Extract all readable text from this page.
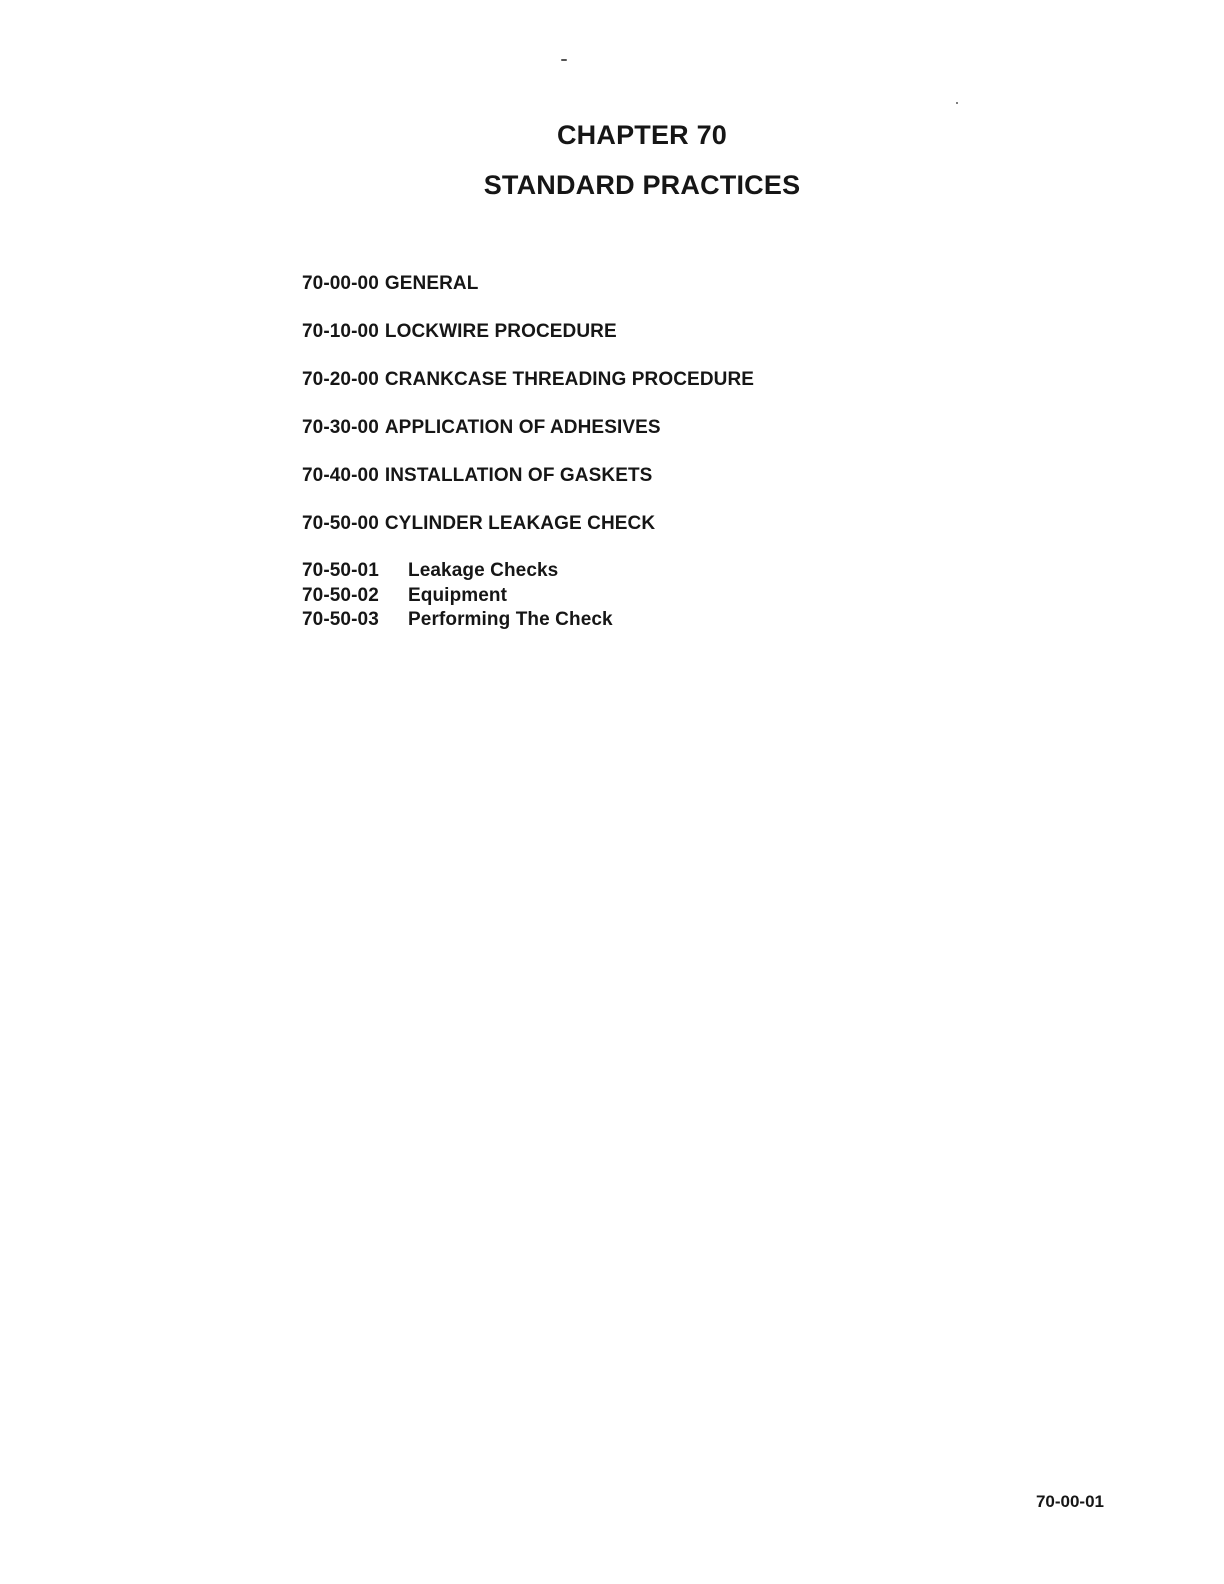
CHAPTER 70
STANDARD PRACTICES
70-00-00 GENERAL
70-10-00 LOCKWIRE PROCEDURE
70-20-00 CRANKCASE THREADING PROCEDURE
70-30-00 APPLICATION OF ADHESIVES
70-40-00 INSTALLATION OF GASKETS
70-50-00 CYLINDER LEAKAGE CHECK
70-50-01 Leakage Checks
70-50-02 Equipment
70-50-03 Performing The Check
70-00-01
